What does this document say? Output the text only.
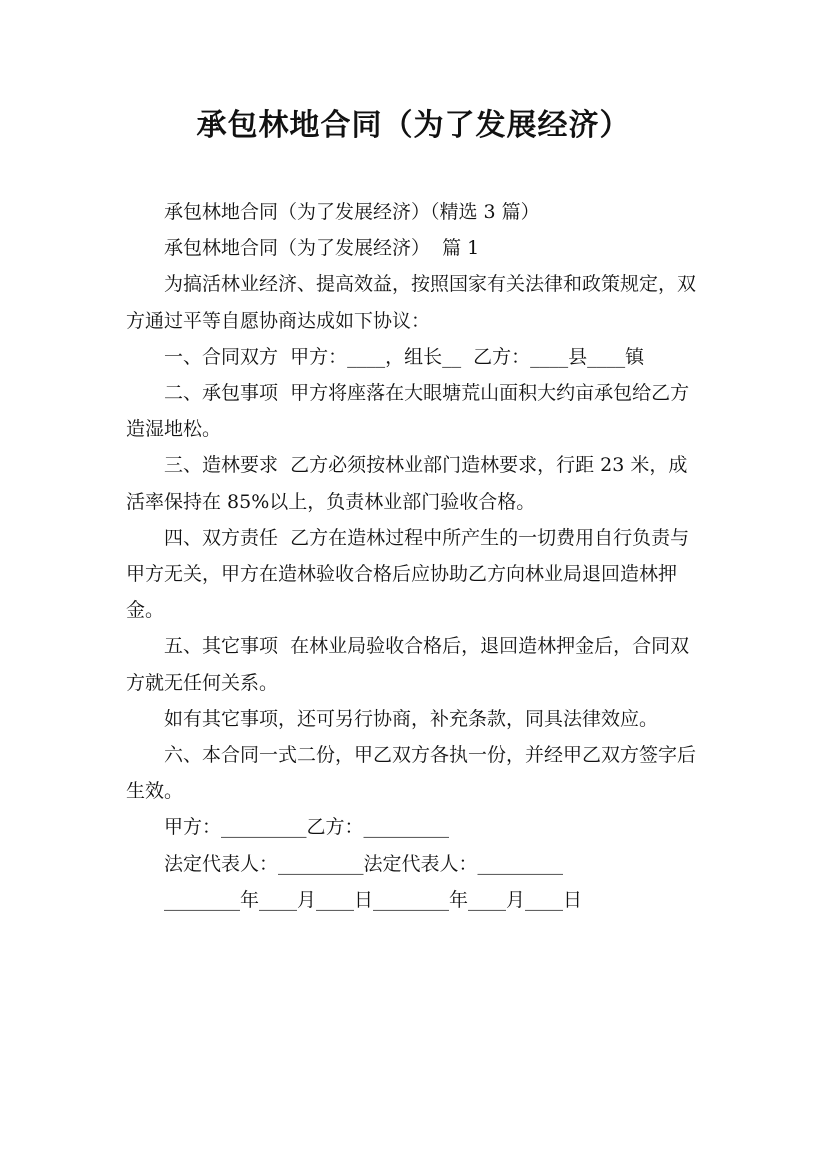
承包林地合同（为了发展经济）

承包林地合同（为了发展经济）（精选 3 篇）

承包林地合同（为了发展经济）  篇 1

为搞活林业经济、提高效益，按照国家有关法律和政策规定，双方通过平等自愿协商达成如下协议：

一、合同双方  甲方：____，组长__  乙方：____县____镇

二、承包事项  甲方将座落在大眼塘荒山面积大约亩承包给乙方造湿地松。

三、造林要求  乙方必须按林业部门造林要求，行距 23 米，成活率保持在 85%以上，负责林业部门验收合格。

四、双方责任  乙方在造林过程中所产生的一切费用自行负责与甲方无关，甲方在造林验收合格后应协助乙方向林业局退回造林押金。

五、其它事项  在林业局验收合格后，退回造林押金后，合同双方就无任何关系。

如有其它事项，还可另行协商，补充条款，同具法律效应。

六、本合同一式二份，甲乙双方各执一份，并经甲乙双方签字后生效。

甲方：_________乙方：_________

法定代表人：_________法定代表人：_________

________年____月____日________年____月____日
